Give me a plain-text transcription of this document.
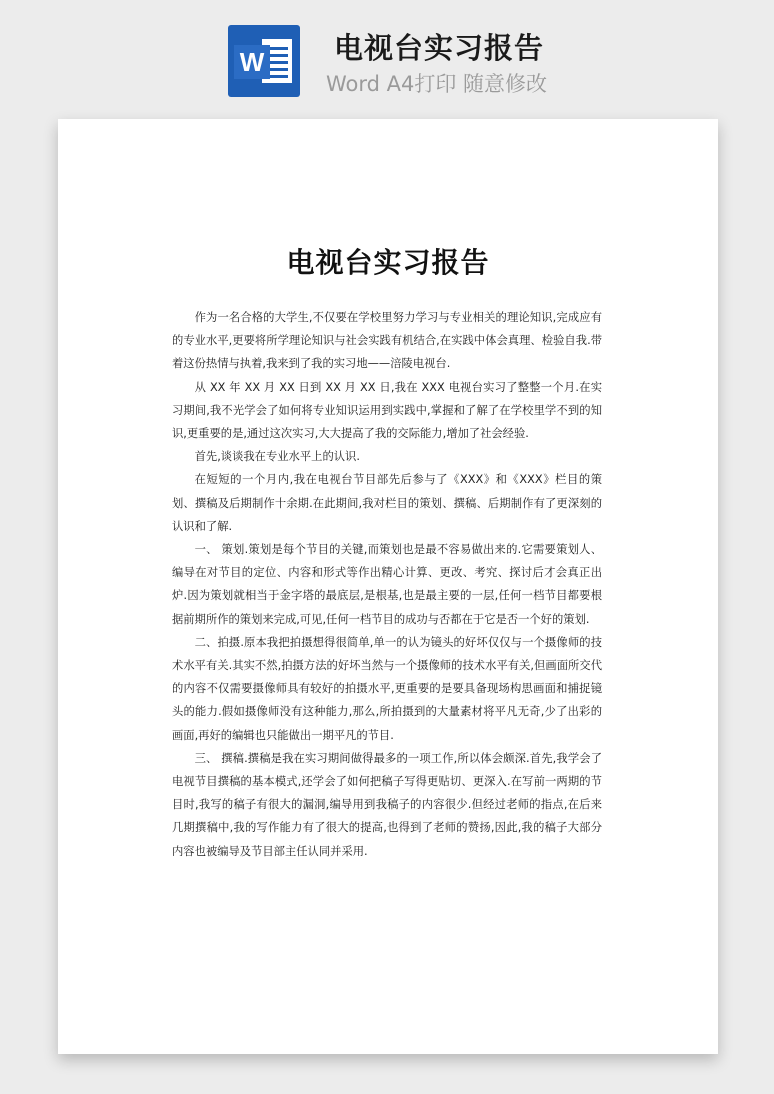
W 电视台实习报告
Word A4打印 随意修改
电视台实习报告

作为一名合格的大学生,不仅要在学校里努力学习与专业相关的理论知识,完成应有的专业水平,更要将所学理论知识与社会实践有机结合,在实践中体会真理、检验自我.带着这份热情与执着,我来到了我的实习地——涪陵电视台.

从 XX 年 XX 月 XX 日到 XX 月 XX 日,我在 XXX 电视台实习了整整一个月.在实习期间,我不光学会了如何将专业知识运用到实践中,掌握和了解了在学校里学不到的知识,更重要的是,通过这次实习,大大提高了我的交际能力,增加了社会经验.

首先,谈谈我在专业水平上的认识.

在短短的一个月内,我在电视台节目部先后参与了《XXX》和《XXX》栏目的策划、撰稿及后期制作十余期.在此期间,我对栏目的策划、撰稿、后期制作有了更深刻的认识和了解.

一、 策划.策划是每个节目的关键,而策划也是最不容易做出来的.它需要策划人、编导在对节目的定位、内容和形式等作出精心计算、更改、考究、探讨后才会真正出炉.因为策划就相当于金字塔的最底层,是根基,也是最主要的一层,任何一档节目都要根据前期所作的策划来完成,可见,任何一档节目的成功与否都在于它是否一个好的策划.

二、拍摄.原本我把拍摄想得很简单,单一的认为镜头的好坏仅仅与一个摄像师的技术水平有关.其实不然,拍摄方法的好坏当然与一个摄像师的技术水平有关,但画面所交代的内容不仅需要摄像师具有较好的拍摄水平,更重要的是要具备现场构思画面和捕捉镜头的能力.假如摄像师没有这种能力,那么,所拍摄到的大量素材将平凡无奇,少了出彩的画面,再好的编辑也只能做出一期平凡的节目.

三、 撰稿.撰稿是我在实习期间做得最多的一项工作,所以体会颇深.首先,我学会了电视节目撰稿的基本模式,还学会了如何把稿子写得更贴切、更深入.在写前一两期的节目时,我写的稿子有很大的漏洞,编导用到我稿子的内容很少.但经过老师的指点,在后来几期撰稿中,我的写作能力有了很大的提高,也得到了老师的赞扬,因此,我的稿子大部分内容也被编导及节目部主任认同并采用.
